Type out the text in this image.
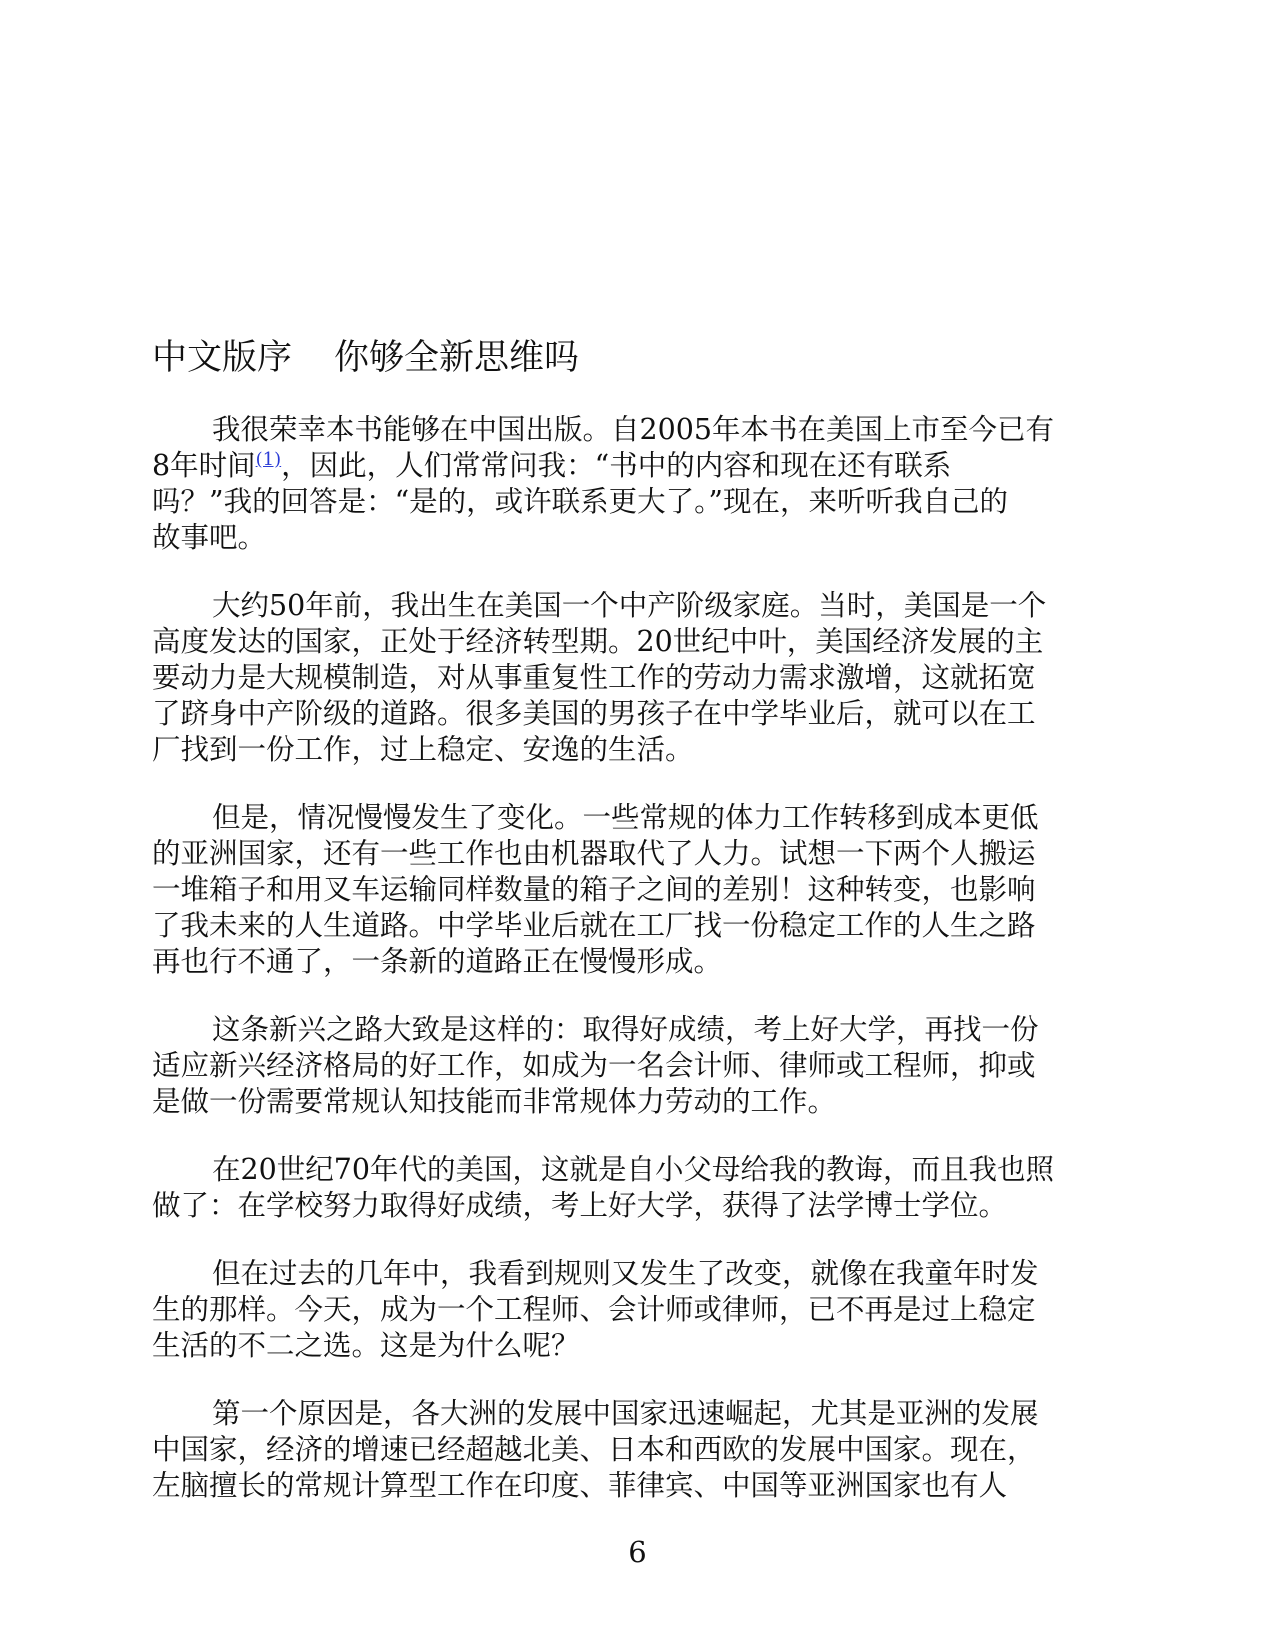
中文版序 你够全新思维吗
我很荣幸本书能够在中国出版。自2005年本书在美国上市至今已有
8年时间$^{(1)}$，因此，人们常常问我：“书中的内容和现在还有联系
吗？”我的回答是：“是的，或许联系更大了。”现在，来听听我自己的
故事吧。
大约50年前，我出生在美国一个中产阶级家庭。当时，美国是一个
高度发达的国家，正处于经济转型期。20世纪中叶，美国经济发展的主
要动力是大规模制造，对从事重复性工作的劳动力需求激增，这就拓宽
了跻身中产阶级的道路。很多美国的男孩子在中学毕业后，就可以在工
厂找到一份工作，过上稳定、安逸的生活。
但是，情况慢慢发生了变化。一些常规的体力工作转移到成本更低
的亚洲国家，还有一些工作也由机器取代了人力。试想一下两个人搬运
一堆箱子和用叉车运输同样数量的箱子之间的差别！这种转变，也影响
了我未来的人生道路。中学毕业后就在工厂找一份稳定工作的人生之路
再也行不通了，一条新的道路正在慢慢形成。
这条新兴之路大致是这样的：取得好成绩，考上好大学，再找一份
适应新兴经济格局的好工作，如成为一名会计师、律师或工程师，抑或
是做一份需要常规认知技能而非常规体力劳动的工作。
在20世纪70年代的美国，这就是自小父母给我的教诲，而且我也照
做了：在学校努力取得好成绩，考上好大学，获得了法学博士学位。
但在过去的几年中，我看到规则又发生了改变，就像在我童年时发
生的那样。今天，成为一个工程师、会计师或律师，已不再是过上稳定
生活的不二之选。这是为什么呢？
第一个原因是，各大洲的发展中国家迅速崛起，尤其是亚洲的发展
中国家，经济的增速已经超越北美、日本和西欧的发展中国家。现在，
左脑擅长的常规计算型工作在印度、菲律宾、中国等亚洲国家也有人
6
